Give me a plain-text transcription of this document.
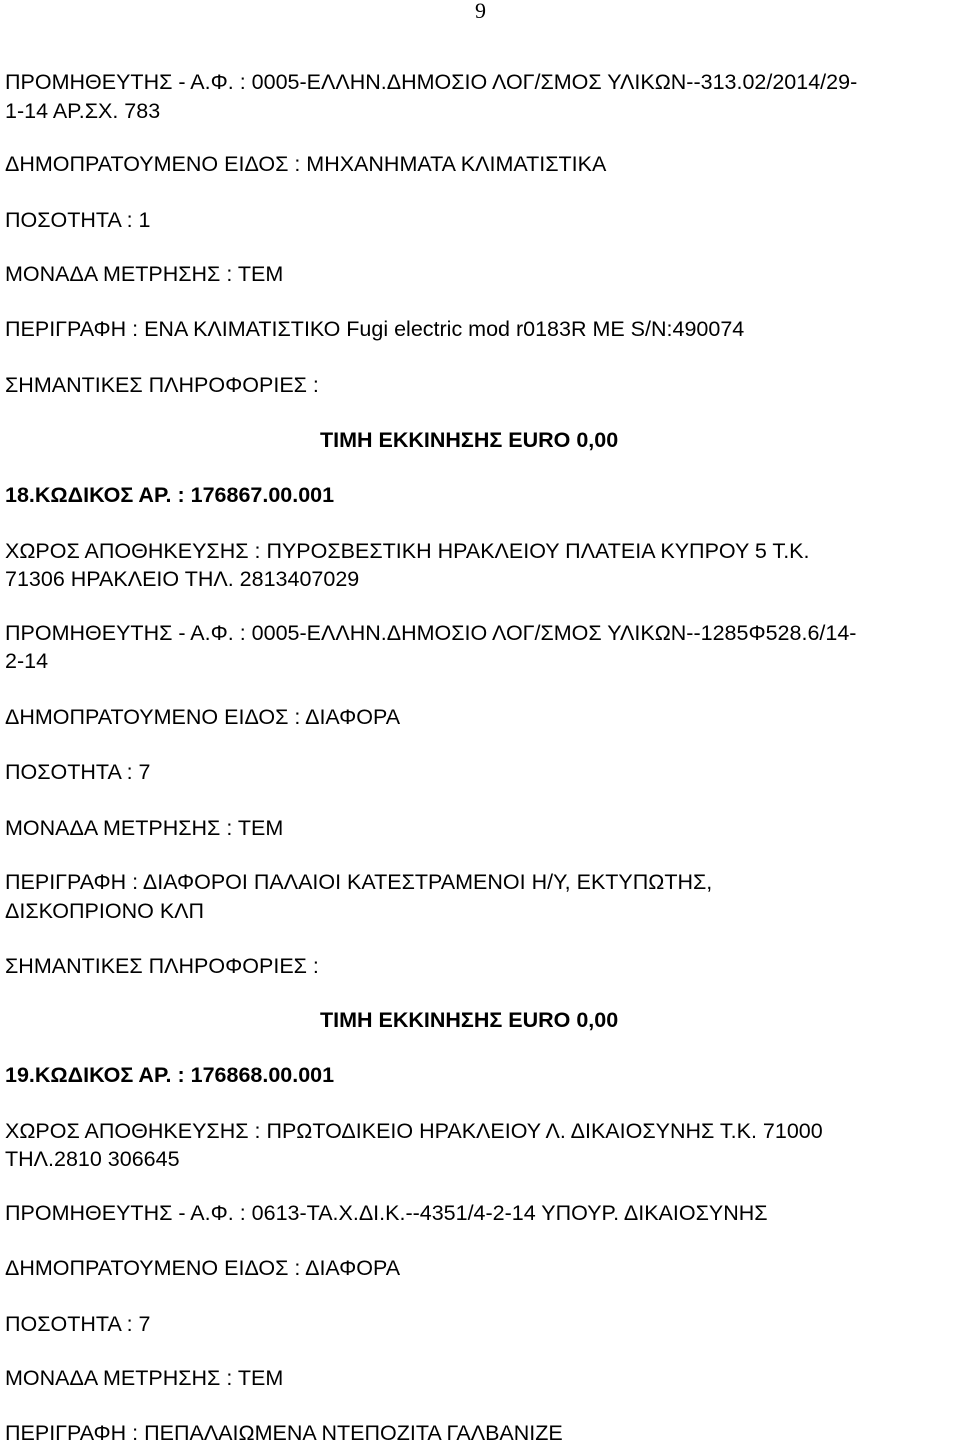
9

ΠΡΟΜΗΘΕΥΤΗΣ - Α.Φ. : 0005-ΕΛΛΗΝ.ΔΗΜΟΣΙΟ ΛΟΓ/ΣΜΟΣ ΥΛΙΚΩΝ--313.02/2014/29-

1-14 ΑΡ.ΣΧ. 783

ΔΗΜΟΠΡΑΤΟΥΜΕΝΟ ΕΙΔΟΣ : ΜΗΧΑΝΗΜΑΤΑ ΚΛΙΜΑΤΙΣΤΙΚΑ

ΠΟΣΟΤΗΤΑ : 1

ΜΟΝΑΔΑ ΜΕΤΡΗΣΗΣ : ΤΕΜ

ΠΕΡΙΓΡΑΦΗ : ΕΝΑ ΚΛΙΜΑΤΙΣΤΙΚΟ Fugi electric mod r0183R ΜΕ S/N:490074

ΣΗΜΑΝΤΙΚΕΣ ΠΛΗΡΟΦΟΡΙΕΣ :

ΤΙΜΗ ΕΚΚΙΝΗΣΗΣ EURO 0,00

18.ΚΩΔΙΚΟΣ ΑΡ. : 176867.00.001

ΧΩΡΟΣ ΑΠΟΘΗΚΕΥΣΗΣ : ΠΥΡΟΣΒΕΣΤΙΚΗ ΗΡΑΚΛΕΙΟΥ ΠΛΑΤΕΙΑ ΚΥΠΡΟΥ 5 Τ.Κ.

71306 ΗΡΑΚΛΕΙΟ ΤΗΛ. 2813407029

ΠΡΟΜΗΘΕΥΤΗΣ - Α.Φ. : 0005-ΕΛΛΗΝ.ΔΗΜΟΣΙΟ ΛΟΓ/ΣΜΟΣ ΥΛΙΚΩΝ--1285Φ528.6/14-

2-14

ΔΗΜΟΠΡΑΤΟΥΜΕΝΟ ΕΙΔΟΣ : ΔΙΑΦΟΡΑ

ΠΟΣΟΤΗΤΑ : 7

ΜΟΝΑΔΑ ΜΕΤΡΗΣΗΣ : ΤΕΜ

ΠΕΡΙΓΡΑΦΗ : ΔΙΑΦΟΡΟΙ ΠΑΛΑΙΟΙ ΚΑΤΕΣΤΡΑΜΕΝΟΙ Η/Υ, ΕΚΤΥΠΩΤΗΣ,

ΔΙΣΚΟΠΡΙΟΝΟ ΚΛΠ

ΣΗΜΑΝΤΙΚΕΣ ΠΛΗΡΟΦΟΡΙΕΣ :

ΤΙΜΗ ΕΚΚΙΝΗΣΗΣ EURO 0,00

19.ΚΩΔΙΚΟΣ ΑΡ. : 176868.00.001

ΧΩΡΟΣ ΑΠΟΘΗΚΕΥΣΗΣ : ΠΡΩΤΟΔΙΚΕΙΟ ΗΡΑΚΛΕΙΟΥ Λ. ΔΙΚΑΙΟΣΥΝΗΣ Τ.Κ. 71000

ΤΗΛ.2810 306645

ΠΡΟΜΗΘΕΥΤΗΣ - Α.Φ. : 0613-ΤΑ.Χ.ΔΙ.Κ.--4351/4-2-14 ΥΠΟΥΡ. ΔΙΚΑΙΟΣΥΝΗΣ

ΔΗΜΟΠΡΑΤΟΥΜΕΝΟ ΕΙΔΟΣ : ΔΙΑΦΟΡΑ

ΠΟΣΟΤΗΤΑ : 7

ΜΟΝΑΔΑ ΜΕΤΡΗΣΗΣ : ΤΕΜ

ΠΕΡΙΓΡΑΦΗ : ΠΕΠΑΛΑΙΩΜΕΝΑ ΝΤΕΠΟΖΙΤΑ ΓΑΛΒΑΝΙΖΕ
